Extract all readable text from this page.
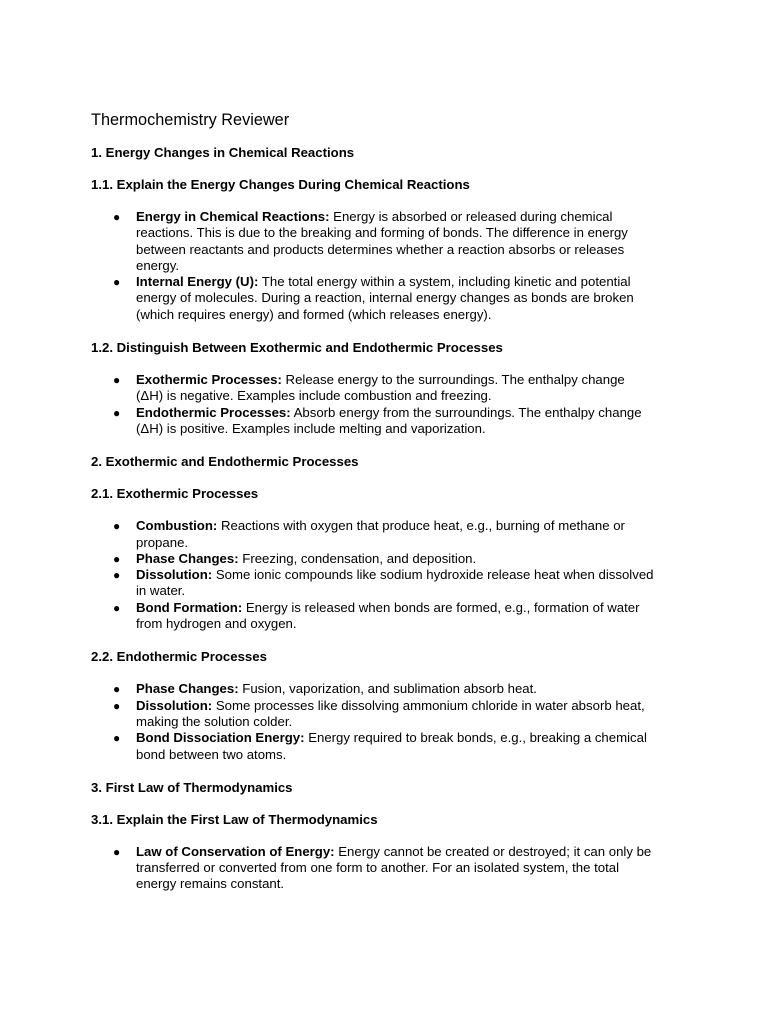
Thermochemistry Reviewer
1. Energy Changes in Chemical Reactions
1.1. Explain the Energy Changes During Chemical Reactions
● Energy in Chemical Reactions: Energy is absorbed or released during chemical
reactions. This is due to the breaking and forming of bonds. The difference in energy
between reactants and products determines whether a reaction absorbs or releases
energy.
● Internal Energy (U): The total energy within a system, including kinetic and potential
energy of molecules. During a reaction, internal energy changes as bonds are broken
(which requires energy) and formed (which releases energy).
1.2. Distinguish Between Exothermic and Endothermic Processes
● Exothermic Processes: Release energy to the surroundings. The enthalpy change
(ΔH) is negative. Examples include combustion and freezing.
● Endothermic Processes: Absorb energy from the surroundings. The enthalpy change
(ΔH) is positive. Examples include melting and vaporization.
2. Exothermic and Endothermic Processes
2.1. Exothermic Processes
● Combustion: Reactions with oxygen that produce heat, e.g., burning of methane or
propane.
● Phase Changes: Freezing, condensation, and deposition.
● Dissolution: Some ionic compounds like sodium hydroxide release heat when dissolved
in water.
● Bond Formation: Energy is released when bonds are formed, e.g., formation of water
from hydrogen and oxygen.
2.2. Endothermic Processes
● Phase Changes: Fusion, vaporization, and sublimation absorb heat.
● Dissolution: Some processes like dissolving ammonium chloride in water absorb heat,
making the solution colder.
● Bond Dissociation Energy: Energy required to break bonds, e.g., breaking a chemical
bond between two atoms.
3. First Law of Thermodynamics
3.1. Explain the First Law of Thermodynamics
● Law of Conservation of Energy: Energy cannot be created or destroyed; it can only be
transferred or converted from one form to another. For an isolated system, the total
energy remains constant.
